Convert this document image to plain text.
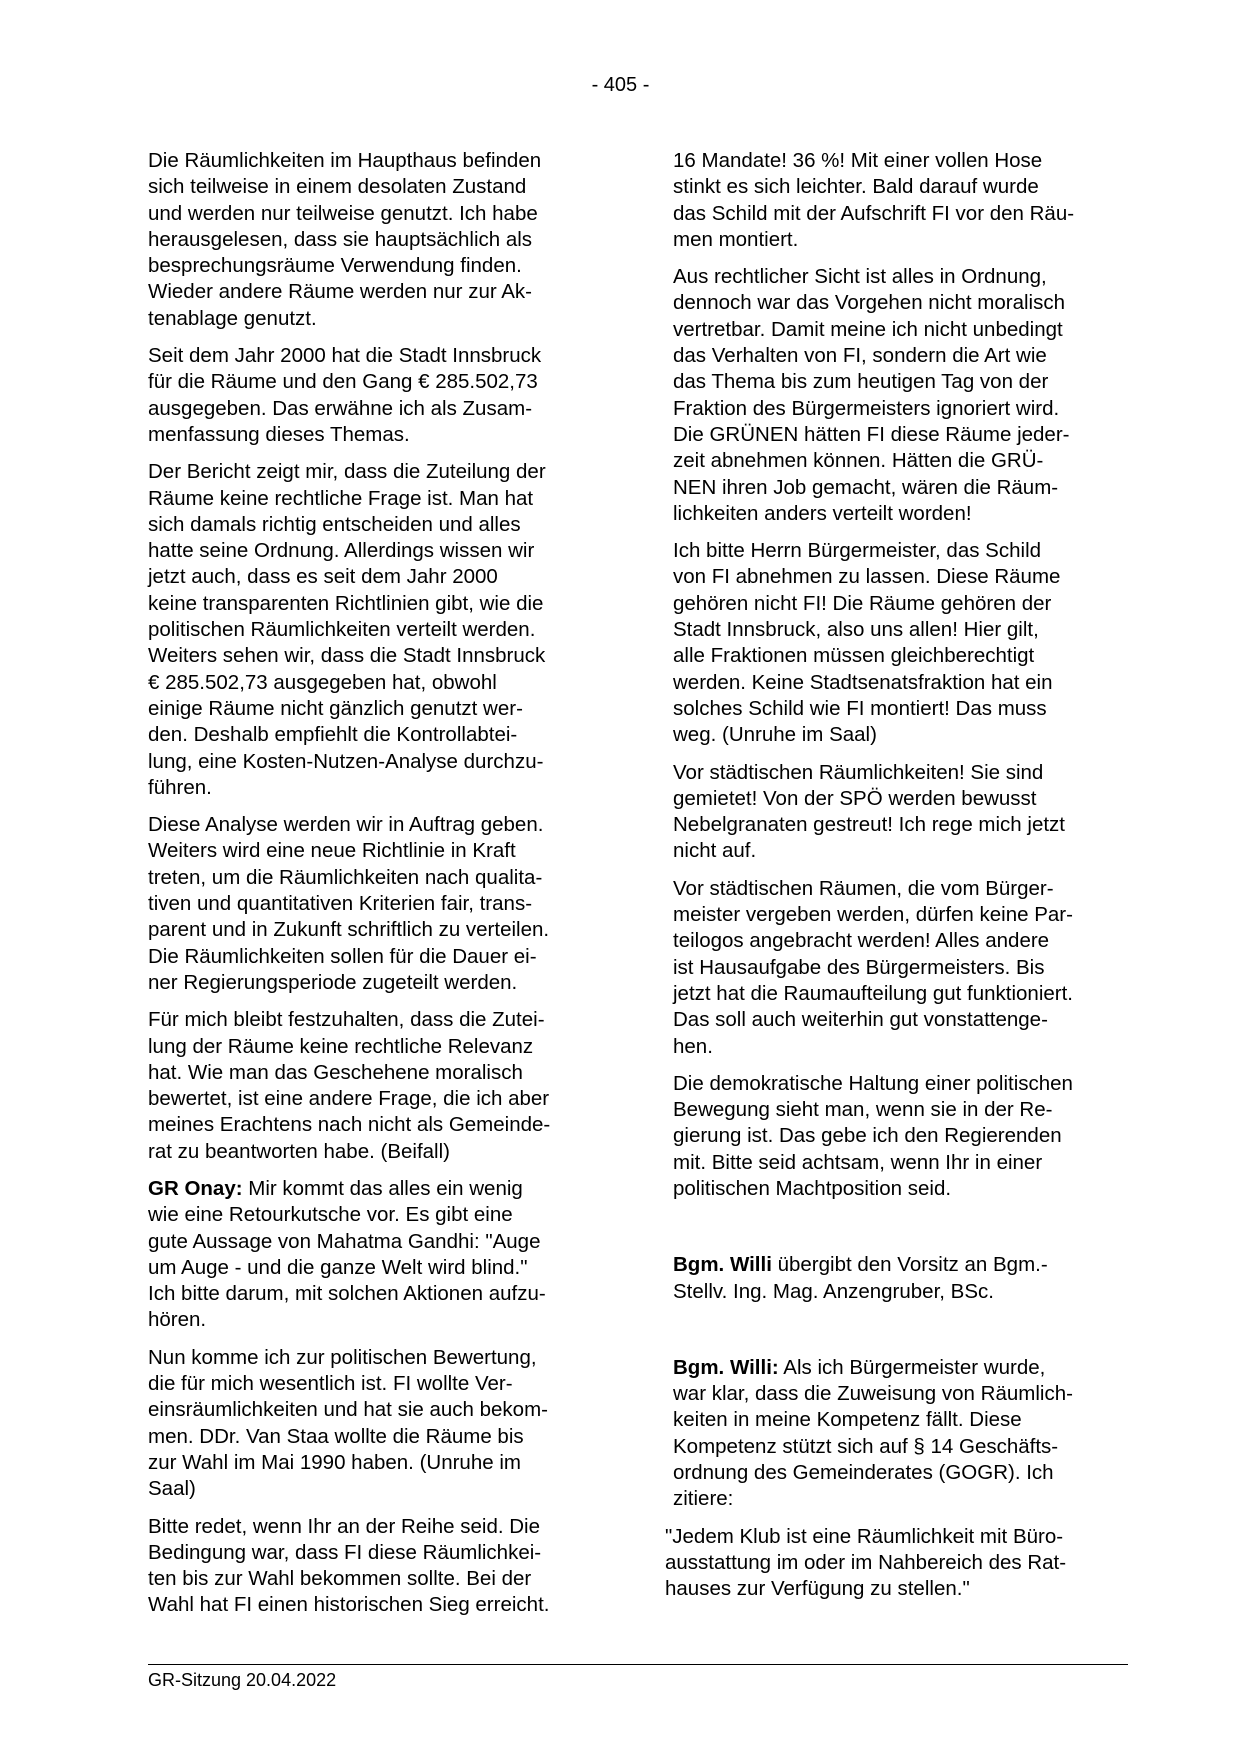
- 405 -

Die Räumlichkeiten im Haupthaus befinden
sich teilweise in einem desolaten Zustand
und werden nur teilweise genutzt. Ich habe
herausgelesen, dass sie hauptsächlich als
besprechungsräume Verwendung finden.
Wieder andere Räume werden nur zur Ak-
tenablage genutzt.

Seit dem Jahr 2000 hat die Stadt Innsbruck
für die Räume und den Gang € 285.502,73
ausgegeben. Das erwähne ich als Zusam-
menfassung dieses Themas.

Der Bericht zeigt mir, dass die Zuteilung der
Räume keine rechtliche Frage ist. Man hat
sich damals richtig entscheiden und alles
hatte seine Ordnung. Allerdings wissen wir
jetzt auch, dass es seit dem Jahr 2000
keine transparenten Richtlinien gibt, wie die
politischen Räumlichkeiten verteilt werden.
Weiters sehen wir, dass die Stadt Innsbruck
€ 285.502,73 ausgegeben hat, obwohl
einige Räume nicht gänzlich genutzt wer-
den. Deshalb empfiehlt die Kontrollabtei-
lung, eine Kosten-Nutzen-Analyse durchzu-
führen.

Diese Analyse werden wir in Auftrag geben.
Weiters wird eine neue Richtlinie in Kraft
treten, um die Räumlichkeiten nach qualita-
tiven und quantitativen Kriterien fair, trans-
parent und in Zukunft schriftlich zu verteilen.
Die Räumlichkeiten sollen für die Dauer ei-
ner Regierungsperiode zugeteilt werden.

Für mich bleibt festzuhalten, dass die Zutei-
lung der Räume keine rechtliche Relevanz
hat. Wie man das Geschehene moralisch
bewertet, ist eine andere Frage, die ich aber
meines Erachtens nach nicht als Gemeinde-
rat zu beantworten habe. (Beifall)

GR Onay: Mir kommt das alles ein wenig
wie eine Retourkutsche vor. Es gibt eine
gute Aussage von Mahatma Gandhi: "Auge
um Auge - und die ganze Welt wird blind."
Ich bitte darum, mit solchen Aktionen aufzu-
hören.

Nun komme ich zur politischen Bewertung,
die für mich wesentlich ist. FI wollte Ver-
einsräumlichkeiten und hat sie auch bekom-
men. DDr. Van Staa wollte die Räume bis
zur Wahl im Mai 1990 haben. (Unruhe im
Saal)

Bitte redet, wenn Ihr an der Reihe seid. Die
Bedingung war, dass FI diese Räumlichkei-
ten bis zur Wahl bekommen sollte. Bei der
Wahl hat FI einen historischen Sieg erreicht.

16 Mandate! 36 %! Mit einer vollen Hose
stinkt es sich leichter. Bald darauf wurde
das Schild mit der Aufschrift FI vor den Räu-
men montiert.

Aus rechtlicher Sicht ist alles in Ordnung,
dennoch war das Vorgehen nicht moralisch
vertretbar. Damit meine ich nicht unbedingt
das Verhalten von FI, sondern die Art wie
das Thema bis zum heutigen Tag von der
Fraktion des Bürgermeisters ignoriert wird.
Die GRÜNEN hätten FI diese Räume jeder-
zeit abnehmen können. Hätten die GRÜ-
NEN ihren Job gemacht, wären die Räum-
lichkeiten anders verteilt worden!

Ich bitte Herrn Bürgermeister, das Schild
von FI abnehmen zu lassen. Diese Räume
gehören nicht FI! Die Räume gehören der
Stadt Innsbruck, also uns allen! Hier gilt,
alle Fraktionen müssen gleichberechtigt
werden. Keine Stadtsenatsfraktion hat ein
solches Schild wie FI montiert! Das muss
weg. (Unruhe im Saal)

Vor städtischen Räumlichkeiten! Sie sind
gemietet! Von der SPÖ werden bewusst
Nebelgranaten gestreut! Ich rege mich jetzt
nicht auf.

Vor städtischen Räumen, die vom Bürger-
meister vergeben werden, dürfen keine Par-
teilogos angebracht werden! Alles andere
ist Hausaufgabe des Bürgermeisters. Bis
jetzt hat die Raumaufteilung gut funktioniert.
Das soll auch weiterhin gut vonstattenge-
hen.

Die demokratische Haltung einer politischen
Bewegung sieht man, wenn sie in der Re-
gierung ist. Das gebe ich den Regierenden
mit. Bitte seid achtsam, wenn Ihr in einer
politischen Machtposition seid.

Bgm. Willi übergibt den Vorsitz an Bgm.-
Stellv. Ing. Mag. Anzengruber, BSc.

Bgm. Willi: Als ich Bürgermeister wurde,
war klar, dass die Zuweisung von Räumlich-
keiten in meine Kompetenz fällt. Diese
Kompetenz stützt sich auf § 14 Geschäfts-
ordnung des Gemeinderates (GOGR). Ich
zitiere:

"Jedem Klub ist eine Räumlichkeit mit Büro-
ausstattung im oder im Nahbereich des Rat-
hauses zur Verfügung zu stellen."

GR-Sitzung 20.04.2022
